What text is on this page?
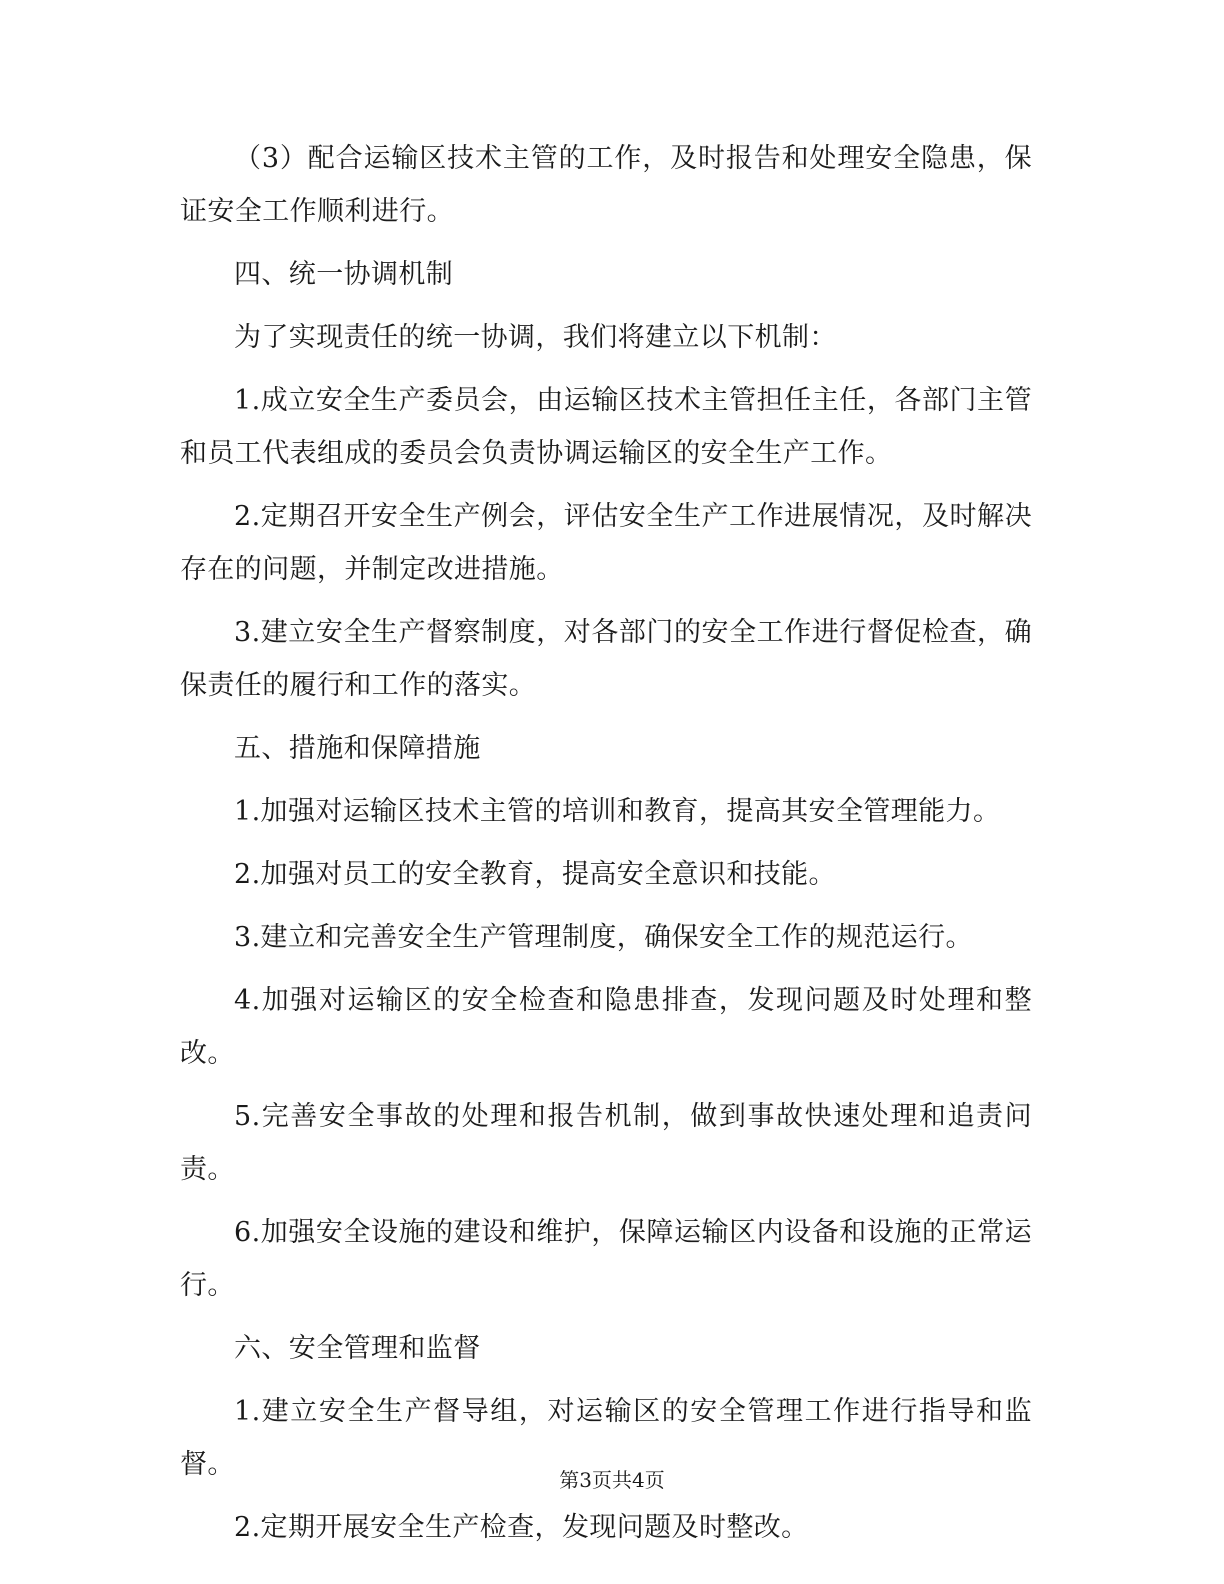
（3）配合运输区技术主管的工作，及时报告和处理安全隐患，保证安全工作顺利进行。

四、统一协调机制

为了实现责任的统一协调，我们将建立以下机制：

1.成立安全生产委员会，由运输区技术主管担任主任，各部门主管和员工代表组成的委员会负责协调运输区的安全生产工作。

2.定期召开安全生产例会，评估安全生产工作进展情况，及时解决存在的问题，并制定改进措施。

3.建立安全生产督察制度，对各部门的安全工作进行督促检查，确保责任的履行和工作的落实。

五、措施和保障措施

1.加强对运输区技术主管的培训和教育，提高其安全管理能力。

2.加强对员工的安全教育，提高安全意识和技能。

3.建立和完善安全生产管理制度，确保安全工作的规范运行。

4.加强对运输区的安全检查和隐患排查，发现问题及时处理和整改。

5.完善安全事故的处理和报告机制，做到事故快速处理和追责问责。

6.加强安全设施的建设和维护，保障运输区内设备和设施的正常运行。

六、安全管理和监督

1.建立安全生产督导组，对运输区的安全管理工作进行指导和监督。

2.定期开展安全生产检查，发现问题及时整改。

第3页共4页
